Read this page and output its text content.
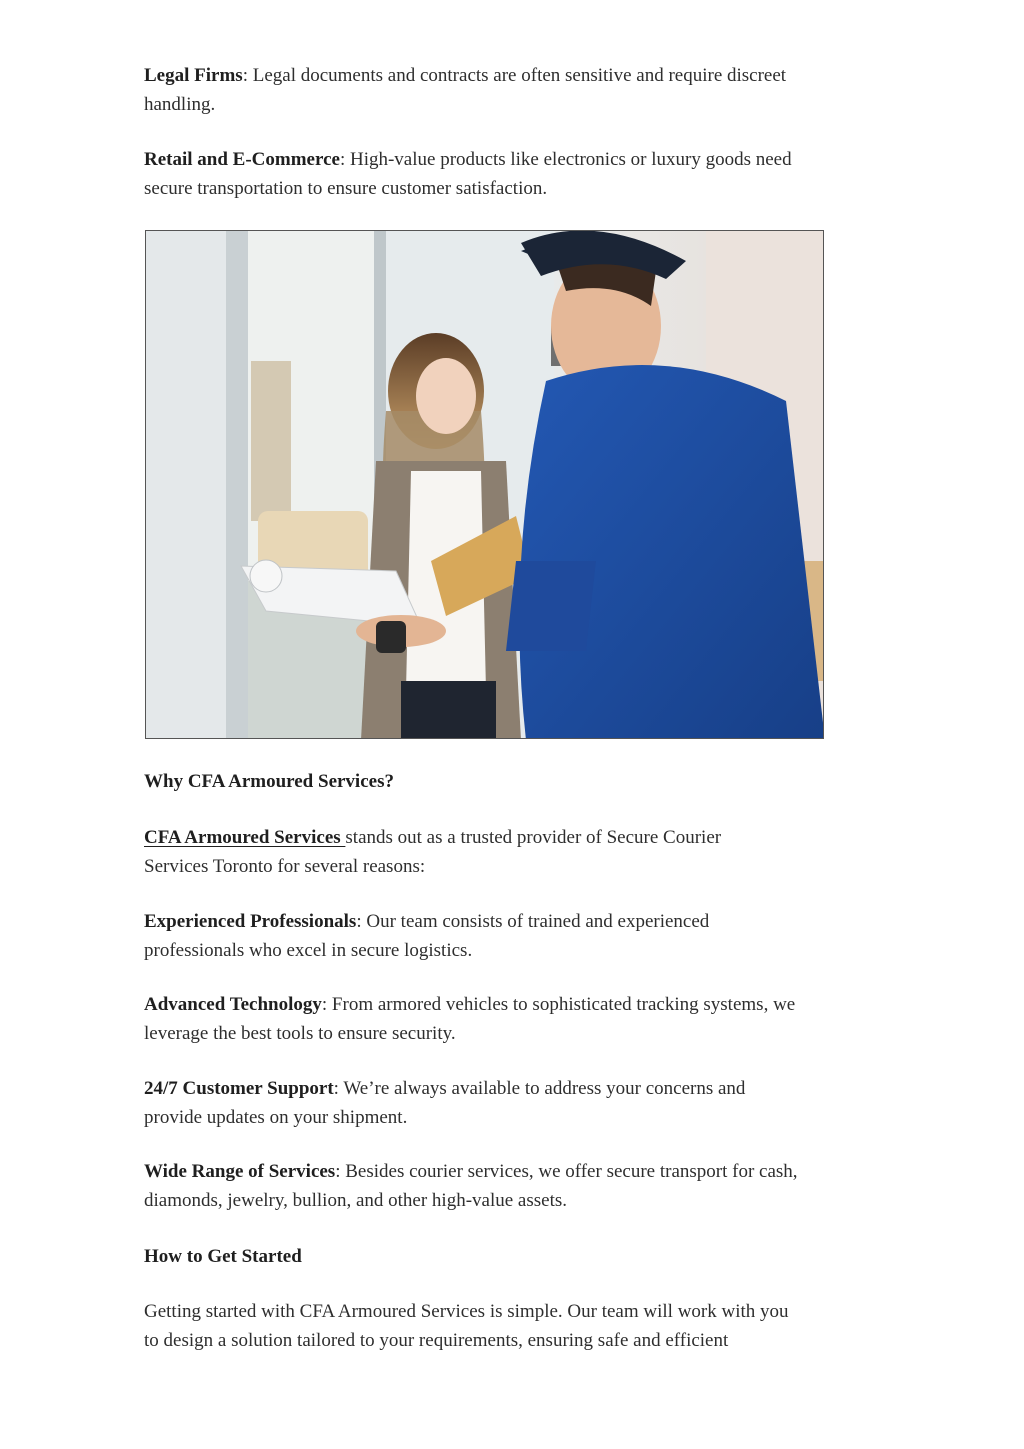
Legal Firms: Legal documents and contracts are often sensitive and require discreet handling.

Retail and E-Commerce: High-value products like electronics or luxury goods need secure transportation to ensure customer satisfaction.

Why CFA Armoured Services?

CFA Armoured Services stands out as a trusted provider of Secure Courier Services Toronto for several reasons:

Experienced Professionals: Our team consists of trained and experienced professionals who excel in secure logistics.

Advanced Technology: From armored vehicles to sophisticated tracking systems, we leverage the best tools to ensure security.

24/7 Customer Support: We’re always available to address your concerns and provide updates on your shipment.

Wide Range of Services: Besides courier services, we offer secure transport for cash, diamonds, jewelry, bullion, and other high-value assets.

How to Get Started

Getting started with CFA Armoured Services is simple. Our team will work with you to design a solution tailored to your requirements, ensuring safe and efficient
